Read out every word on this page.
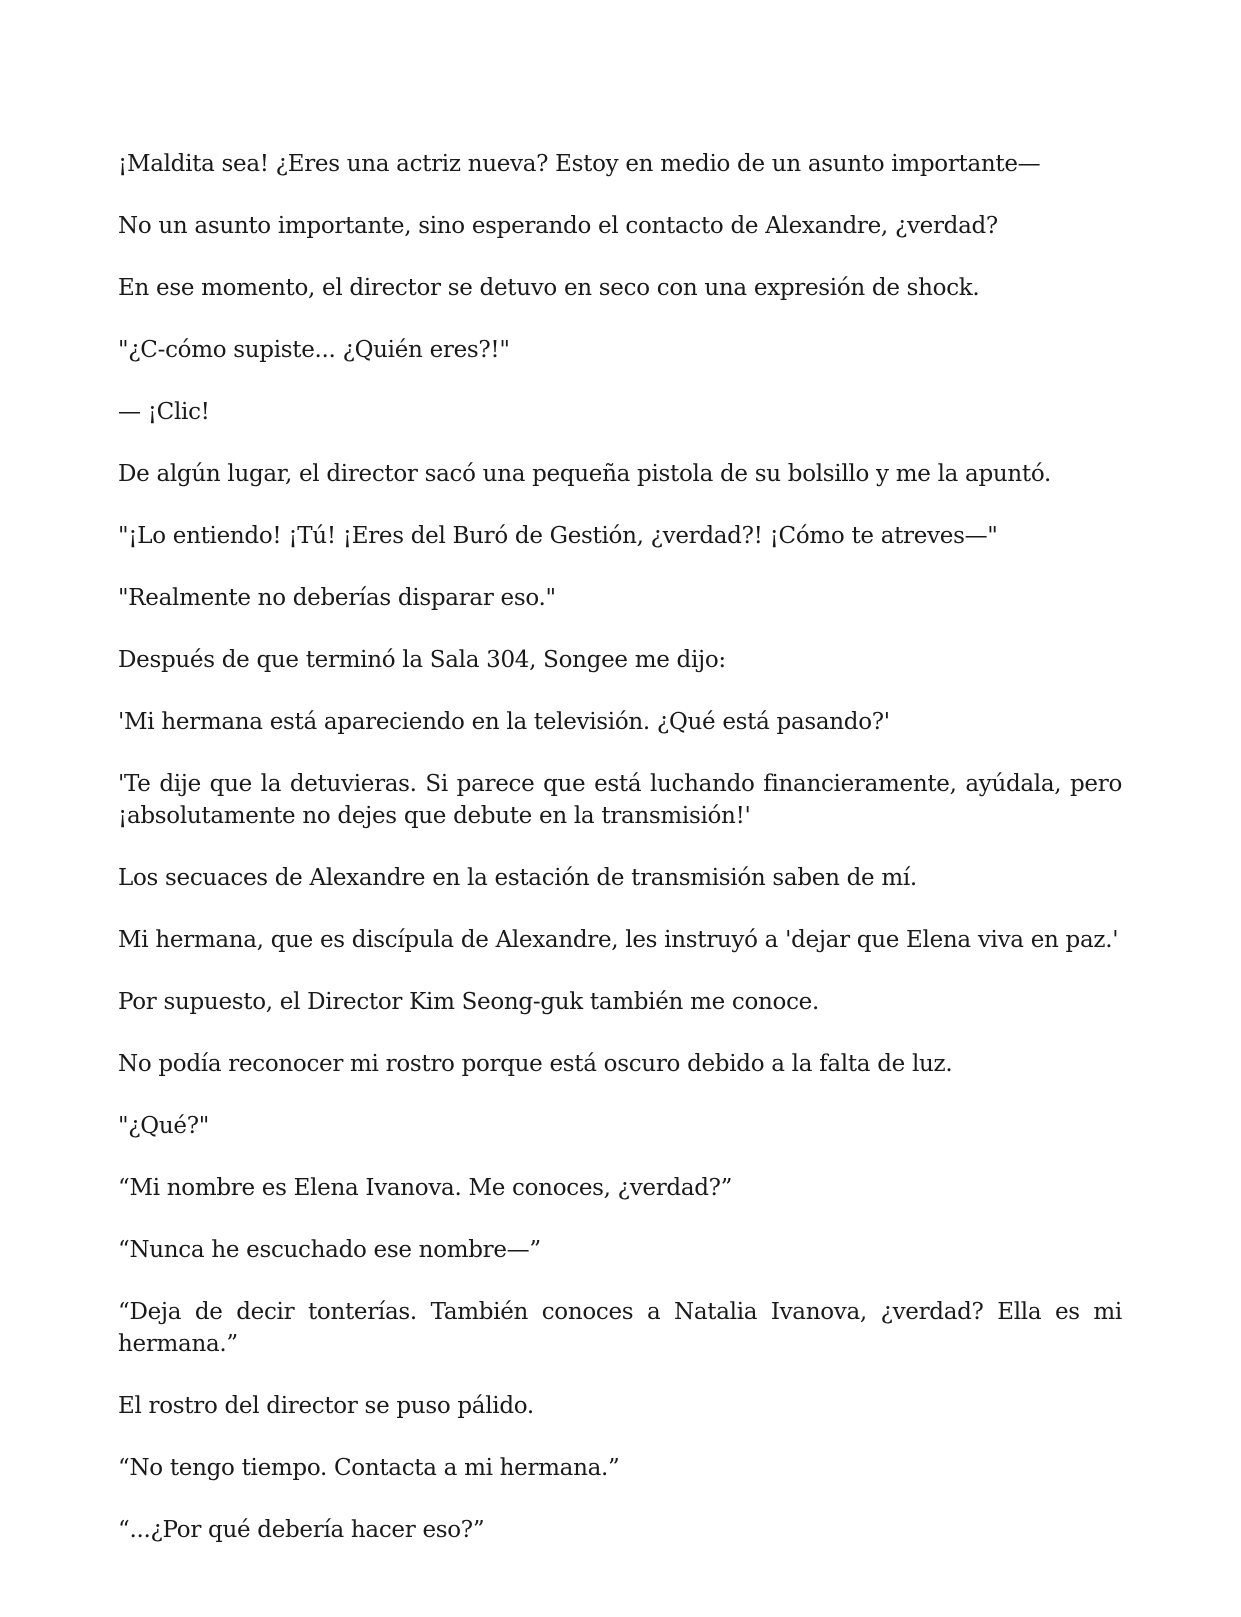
¡Maldita sea! ¿Eres una actriz nueva? Estoy en medio de un asunto importante—

No un asunto importante, sino esperando el contacto de Alexandre, ¿verdad?

En ese momento, el director se detuvo en seco con una expresión de shock.

"¿C-cómo supiste... ¿Quién eres?!"

— ¡Clic!

De algún lugar, el director sacó una pequeña pistola de su bolsillo y me la apuntó.

"¡Lo entiendo! ¡Tú! ¡Eres del Buró de Gestión, ¿verdad?! ¡Cómo te atreves—"

"Realmente no deberías disparar eso."

Después de que terminó la Sala 304, Songee me dijo:

'Mi hermana está apareciendo en la televisión. ¿Qué está pasando?'

'Te dije que la detuvieras. Si parece que está luchando financieramente, ayúdala, pero ¡absolutamente no dejes que debute en la transmisión!'

Los secuaces de Alexandre en la estación de transmisión saben de mí.

Mi hermana, que es discípula de Alexandre, les instruyó a 'dejar que Elena viva en paz.'

Por supuesto, el Director Kim Seong-guk también me conoce.

No podía reconocer mi rostro porque está oscuro debido a la falta de luz.

"¿Qué?"

“Mi nombre es Elena Ivanova. Me conoces, ¿verdad?”

“Nunca he escuchado ese nombre—”

“Deja de decir tonterías. También conoces a Natalia Ivanova, ¿verdad? Ella es mi hermana.”

El rostro del director se puso pálido.

“No tengo tiempo. Contacta a mi hermana.”

“...¿Por qué debería hacer eso?”
